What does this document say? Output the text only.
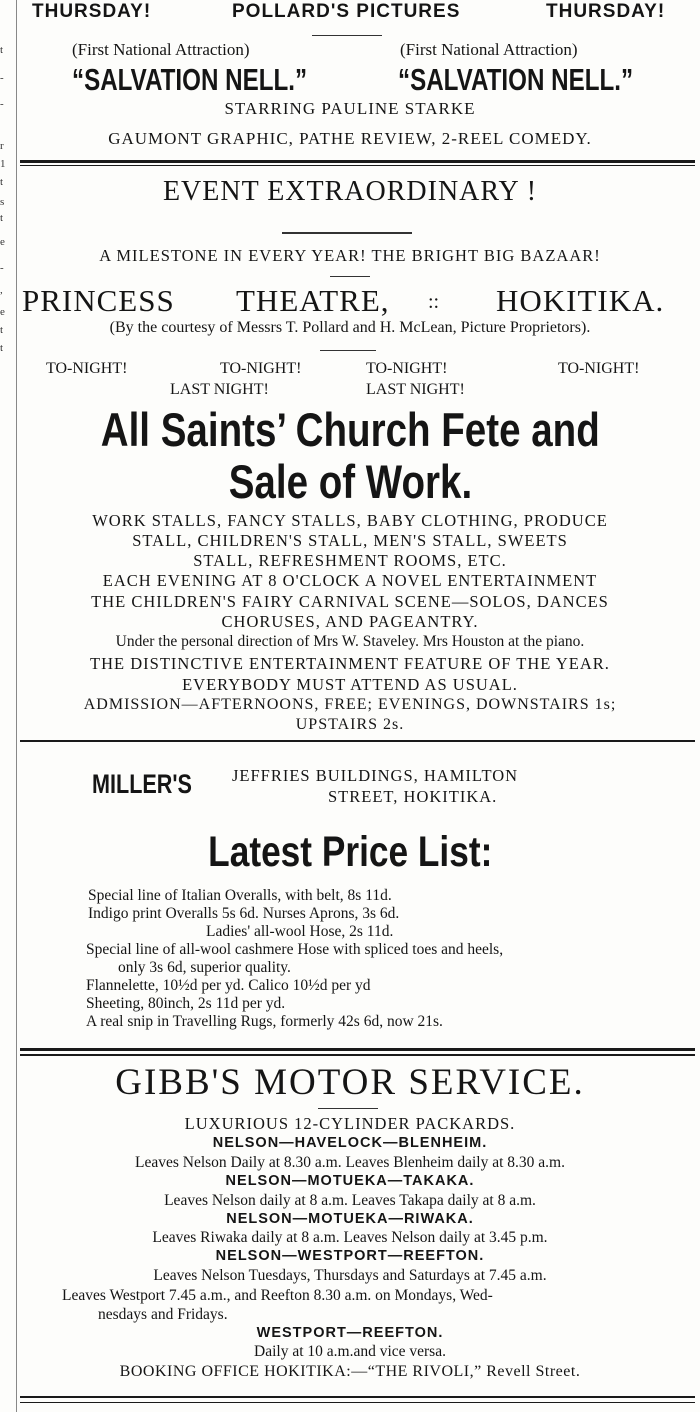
t
-
-
r
1
t
s
t
e
-
,
e
t
t
THURSDAY!	POLLARD'S PICTURES	THURSDAY!
(First National Attraction)	(First National Attraction)
“SALVATION NELL.”	“SALVATION NELL.”
STARRING PAULINE STARKE
GAUMONT GRAPHIC, PATHE REVIEW, 2-REEL COMEDY.
EVENT EXTRAORDINARY !
A MILESTONE IN EVERY YEAR! THE BRIGHT BIG BAZAAR!
PRINCESS THEATRE, :: HOKITIKA.
(By the courtesy of Messrs T. Pollard and H. McLean, Picture Proprietors).
TO-NIGHT!	TO-NIGHT!	TO-NIGHT!	TO-NIGHT!
LAST NIGHT!	LAST NIGHT!
All Saints’ Church Fete and
Sale of Work.
WORK STALLS, FANCY STALLS, BABY CLOTHING, PRODUCE
STALL, CHILDREN'S STALL, MEN'S STALL, SWEETS
STALL, REFRESHMENT ROOMS, ETC.
EACH EVENING AT 8 O'CLOCK A NOVEL ENTERTAINMENT
THE CHILDREN'S FAIRY CARNIVAL SCENE—SOLOS, DANCES
CHORUSES, AND PAGEANTRY.
Under the personal direction of Mrs W. Staveley. Mrs Houston at the piano.
THE DISTINCTIVE ENTERTAINMENT FEATURE OF THE YEAR.
EVERYBODY MUST ATTEND AS USUAL.
ADMISSION—AFTERNOONS, FREE; EVENINGS, DOWNSTAIRS 1s;
UPSTAIRS 2s.
MILLER'S	JEFFRIES BUILDINGS, HAMILTON
STREET, HOKITIKA.
Latest Price List:
Special line of Italian Overalls, with belt, 8s 11d.
Indigo print Overalls 5s 6d. Nurses Aprons, 3s 6d.
Ladies' all-wool Hose, 2s 11d.
Special line of all-wool cashmere Hose with spliced toes and heels,
only 3s 6d, superior quality.
Flannelette, 10½d per yd. Calico 10½d per yd
Sheeting, 80inch, 2s 11d per yd.
A real snip in Travelling Rugs, formerly 42s 6d, now 21s.
GIBB'S MOTOR SERVICE.
LUXURIOUS 12-CYLINDER PACKARDS.
NELSON—HAVELOCK—BLENHEIM.
Leaves Nelson Daily at 8.30 a.m. Leaves Blenheim daily at 8.30 a.m.
NELSON—MOTUEKA—TAKAKA.
Leaves Nelson daily at 8 a.m. Leaves Takapa daily at 8 a.m.
NELSON—MOTUEKA—RIWAKA.
Leaves Riwaka daily at 8 a.m. Leaves Nelson daily at 3.45 p.m.
NELSON—WESTPORT—REEFTON.
Leaves Nelson Tuesdays, Thursdays and Saturdays at 7.45 a.m.
Leaves Westport 7.45 a.m., and Reefton 8.30 a.m. on Mondays, Wed-
nesdays and Fridays.
WESTPORT—REEFTON.
Daily at 10 a.m.and vice versa.
BOOKING OFFICE HOKITIKA:—“THE RIVOLI,” Revell Street.
